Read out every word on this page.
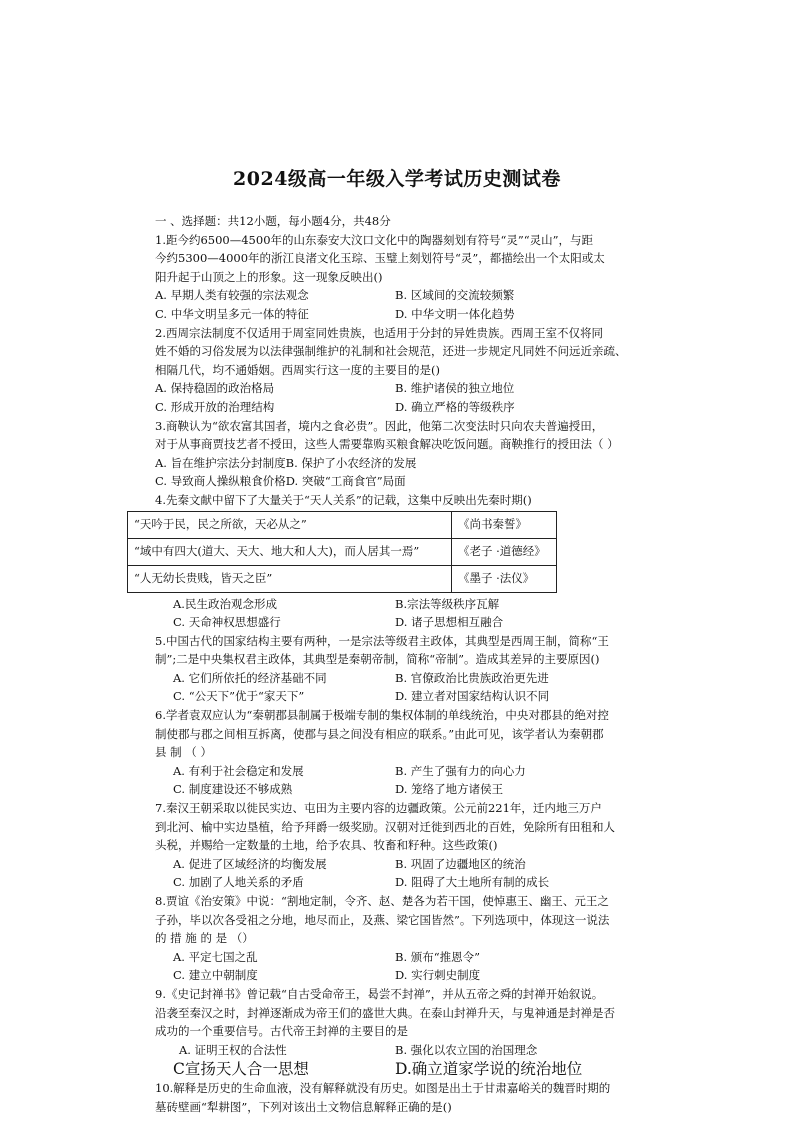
2024级高一年级入学考试历史测试卷
一 、选择题：共12小题，每小题4分，共48分
1.距今约6500—4500年的山东泰安大汶口文化中的陶器刻划有符号“灵”“灵山”，与距
今约5300—4000年的浙江良渚文化玉琮、玉璧上刻划符号“灵”，都描绘出一个太阳或太
阳升起于山顶之上的形象。这一现象反映出()
A. 早期人类有较强的宗法观念	B. 区域间的交流较频繁
C. 中华文明呈多元一体的特征	D. 中华文明一体化趋势
2.西周宗法制度不仅适用于周室同姓贵族，也适用于分封的异姓贵族。西周王室不仅将同
姓不婚的习俗发展为以法律强制维护的礼制和社会规范，还进一步规定凡同姓不问远近亲疏、
相隔几代，均不通婚姻。西周实行这一度的主要目的是()
A. 保持稳固的政治格局	B. 维护诸侯的独立地位
C. 形成开放的治理结构	D. 确立严格的等级秩序
3.商鞅认为“欲农富其国者，境内之食必贵”。因此，他第二次变法时只向农夫普遍授田，
对于从事商贾技艺者不授田，这些人需要靠购买粮食解决吃饭问题。商鞅推行的授田法（ ）
A. 旨在维护宗法分封制度B. 保护了小农经济的发展
C. 导致商人操纵粮食价格D. 突破“工商食官”局面
4.先秦文献中留下了大量关于“天人关系”的记载，这集中反映出先秦时期()
“天吟于民，民之所欲，天必从之”	《尚书秦誓》
“域中有四大(道大、天大、地大和人大)，而人居其一焉”	《老子 ·道德经》
“人无幼长贵贱，皆天之臣”	《墨子 ·法仪》
A.民生政治观念形成	B.宗法等级秩序瓦解
C. 天命神权思想盛行	D. 诸子思想相互融合
5.中国古代的国家结构主要有两种，一是宗法等级君主政体，其典型是西周王制，简称“王
制”;二是中央集权君主政体，其典型是秦朝帝制，简称“帝制”。造成其差异的主要原因()
A. 它们所依托的经济基础不同	B. 官僚政治比贵族政治更先进
C. “公天下”优于“家天下”	D. 建立者对国家结构认识不同
6.学者袁双应认为“秦朝郡县制属于极端专制的集权体制的单线统治，中央对郡县的绝对控
制使郡与郡之间相互拆离，使郡与县之间没有相应的联系。”由此可见，该学者认为秦朝郡
县 制 （ ）
A. 有利于社会稳定和发展	B. 产生了强有力的向心力
C. 制度建设还不够成熟	D. 笼络了地方诸侯王
7.秦汉王朝采取以徙民实边、屯田为主要内容的边疆政策。公元前221年，迁内地三万户
到北河、榆中实边垦植，给予拜爵一级奖励。汉朝对迁徙到西北的百姓，免除所有田租和人
头税，并赐给一定数量的土地，给予农具、牧畜和籽种。这些政策()
A. 促进了区域经济的均衡发展	B. 巩固了边疆地区的统治
C. 加剧了人地关系的矛盾	D. 阻碍了大土地所有制的成长
8.贾谊《治安策》中说：“割地定制，令齐、赵、楚各为若干国，使悼惠王、幽王、元王之
子孙，毕以次各受祖之分地，地尽而止，及燕、梁它国皆然”。下列选项中，体现这一说法
的 措 施 的 是 （）
A. 平定七国之乱	B. 颁布“推恩令”
C. 建立中朝制度	D. 实行刺史制度
9.《史记封禅书》曾记载“自古受命帝王，曷尝不封禅”，并从五帝之舜的封禅开始叙说。
沿袭至秦汉之时，封禅逐渐成为帝王们的盛世大典。在泰山封禅升天，与鬼神通是封禅是否
成功的一个重要信号。古代帝王封禅的主要目的是
A. 证明王权的合法性	B. 强化以农立国的治国理念
C宣扬天人合一思想	D.确立道家学说的统治地位
10.解释是历史的生命血液，没有解释就没有历史。如图是出土于甘肃嘉峪关的魏晋时期的
墓砖壁画“犁耕图”，下列对该出土文物信息解释正确的是()
